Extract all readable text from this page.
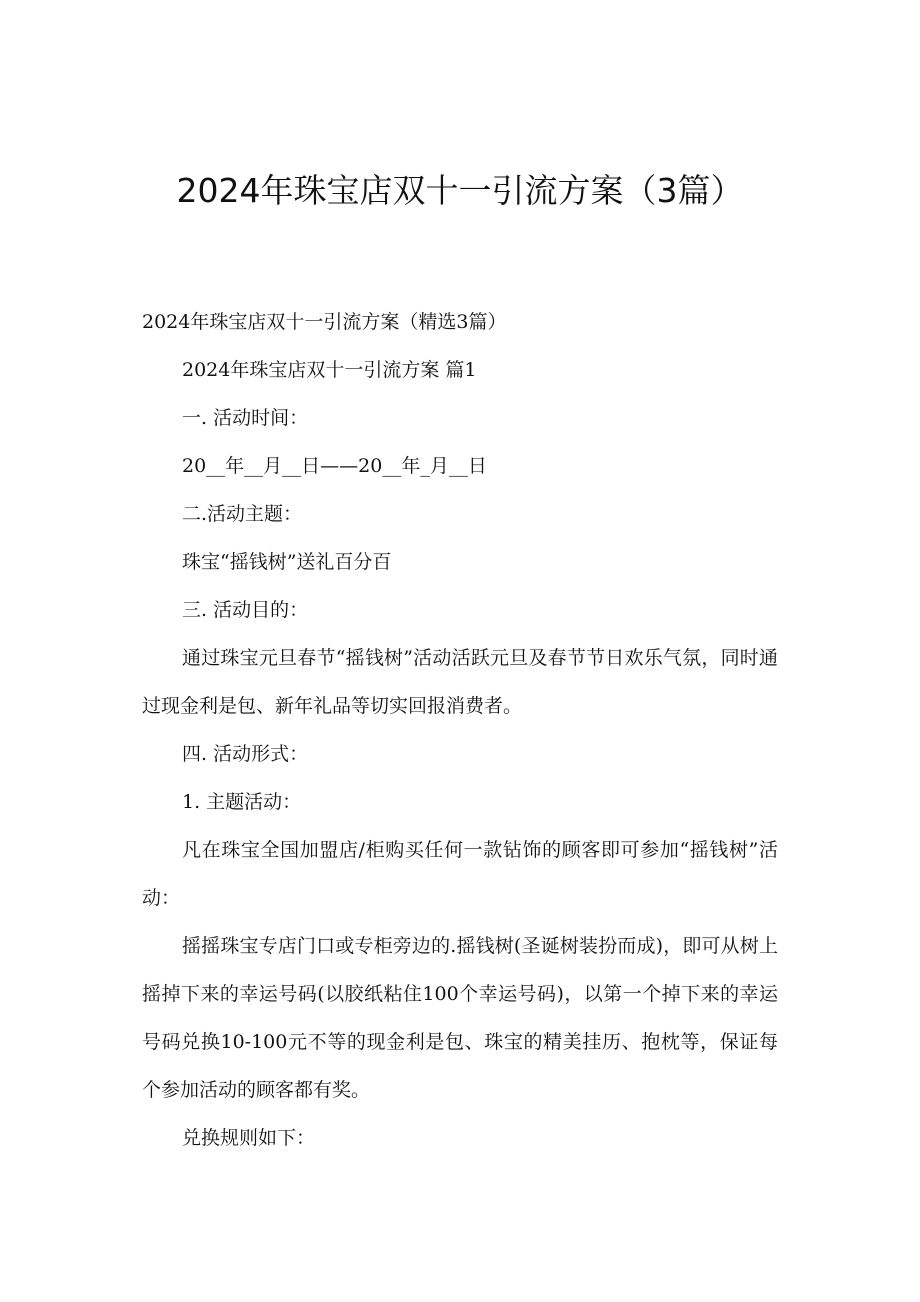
2024年珠宝店双十一引流方案（3篇）

2024年珠宝店双十一引流方案（精选3篇）

2024年珠宝店双十一引流方案 篇1

一. 活动时间：

20__年__月__日——20__年_月__日

二.活动主题：

珠宝“摇钱树”送礼百分百

三. 活动目的：

通过珠宝元旦春节“摇钱树”活动活跃元旦及春节节日欢乐气氛，同时通过现金利是包、新年礼品等切实回报消费者。

四. 活动形式：

1. 主题活动：

凡在珠宝全国加盟店/柜购买任何一款钻饰的顾客即可参加“摇钱树”活动：

摇摇珠宝专店门口或专柜旁边的.摇钱树(圣诞树装扮而成)，即可从树上摇掉下来的幸运号码(以胶纸粘住100个幸运号码)，以第一个掉下来的幸运号码兑换10-100元不等的现金利是包、珠宝的精美挂历、抱枕等，保证每个参加活动的顾客都有奖。

兑换规则如下：
